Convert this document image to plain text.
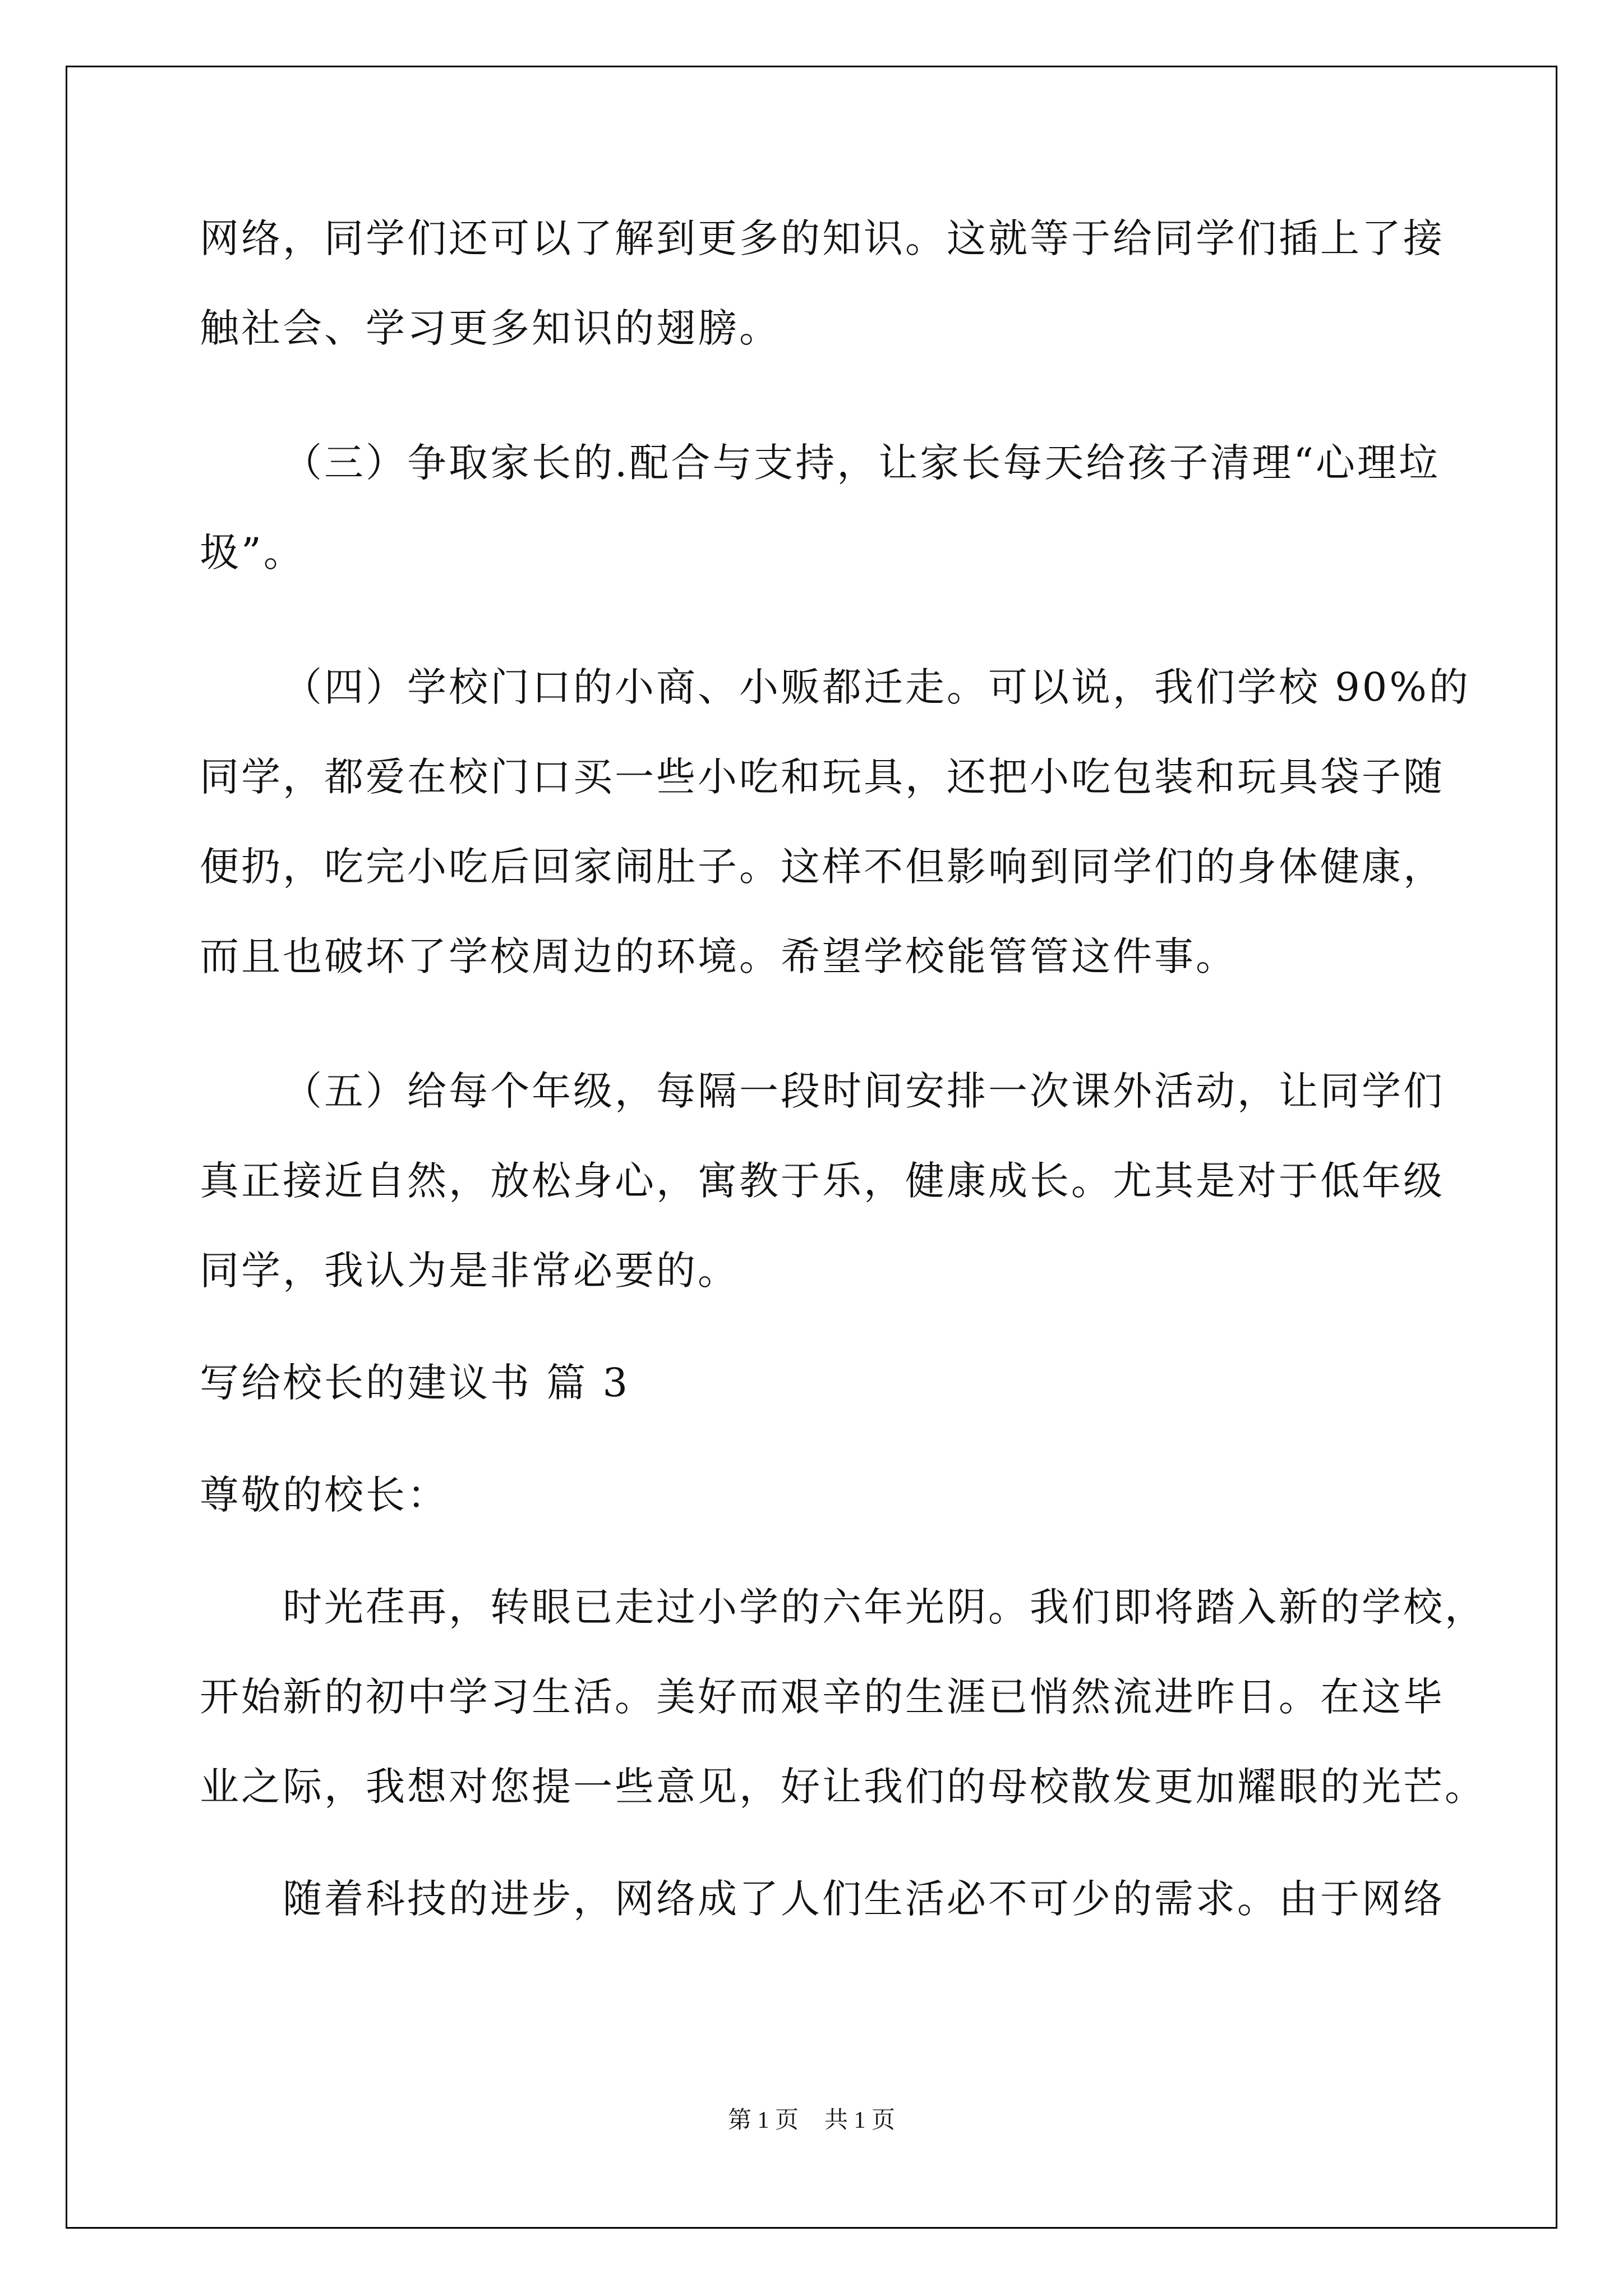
网络，同学们还可以了解到更多的知识。这就等于给同学们插上了接
触社会、学习更多知识的翅膀。
（三）争取家长的.配合与支持，让家长每天给孩子清理“心理垃
圾”。
（四）学校门口的小商、小贩都迁走。可以说，我们学校 90%的
同学，都爱在校门口买一些小吃和玩具，还把小吃包装和玩具袋子随
便扔，吃完小吃后回家闹肚子。这样不但影响到同学们的身体健康，
而且也破坏了学校周边的环境。希望学校能管管这件事。
（五）给每个年级，每隔一段时间安排一次课外活动，让同学们
真正接近自然，放松身心，寓教于乐，健康成长。尤其是对于低年级
同学，我认为是非常必要的。
写给校长的建议书 篇 3
尊敬的校长：
时光荏再，转眼已走过小学的六年光阴。我们即将踏入新的学校，
开始新的初中学习生活。美好而艰辛的生涯已悄然流进昨日。在这毕
业之际，我想对您提一些意见，好让我们的母校散发更加耀眼的光芒。
随着科技的进步，网络成了人们生活必不可少的需求。由于网络
第 1 页 共 1 页
